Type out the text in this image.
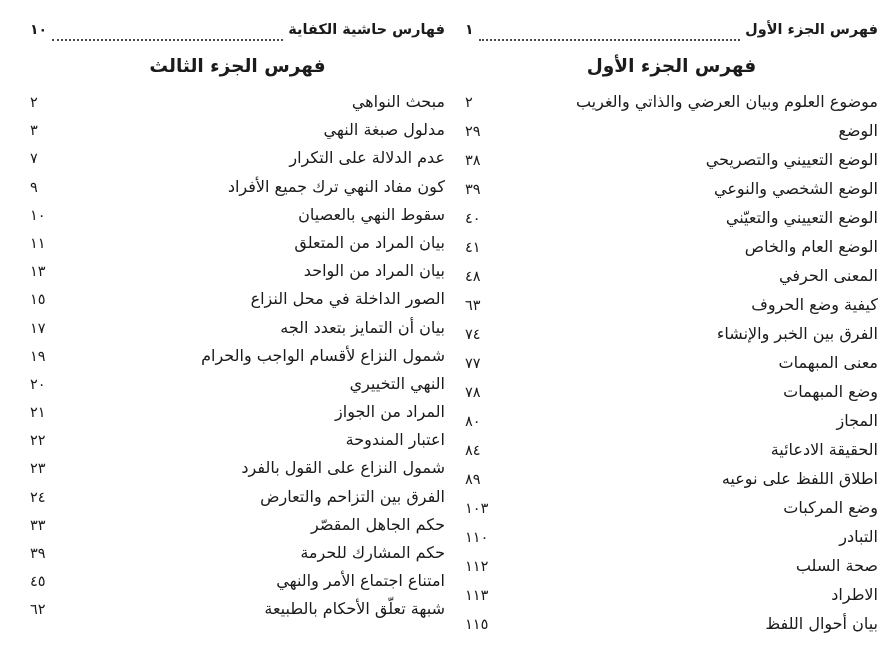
فهرس الجزء الأول
١
فهرس الجزء الأول
موضوع العلوم وبيان العرضي والذاتي والغريب
٢
الوضع
٢٩
الوضع التعييني والتصريحي
٣٨
الوضع الشخصي والنوعي
٣٩
الوضع التعييني والتعيّني
٤٠
الوضع العام والخاص
٤١
المعنى الحرفي
٤٨
كيفية وضع الحروف
٦٣
الفرق بين الخبر والإنشاء
٧٤
معنى المبهمات
٧٧
وضع المبهمات
٧٨
المجاز
٨٠
الحقيقة الادعائية
٨٤
اطلاق اللفظ على نوعيه
٨٩
وضع المركبات
١٠٣
التبادر
١١٠
صحة السلب
١١٢
الاطراد
١١٣
بيان أحوال اللفظ
١١٥
فهارس حاشية الكفاية
١٠
فهرس الجزء الثالث
مبحث النواهي
٢
مدلول صبغة النهي
٣
عدم الدلالة على التكرار
٧
كون مفاد النهي ترك جميع الأفراد
٩
سقوط النهي بالعصيان
١٠
بيان المراد من المتعلق
١١
بيان المراد من الواحد
١٣
الصور الداخلة في محل النزاع
١٥
بيان أن التمايز بتعدد الجه
١٧
شمول النزاع لأقسام الواجب والحرام
١٩
النهي التخييري
٢٠
المراد من الجواز
٢١
اعتبار المندوحة
٢٢
شمول النزاع على القول بالفرد
٢٣
الفرق بين التزاحم والتعارض
٢٤
حكم الجاهل المقصّر
٣٣
حكم المشارك للحرمة
٣٩
امتناع اجتماع الأمر والنهي
٤٥
شبهة تعلّق الأحكام بالطبيعة
٦٢
